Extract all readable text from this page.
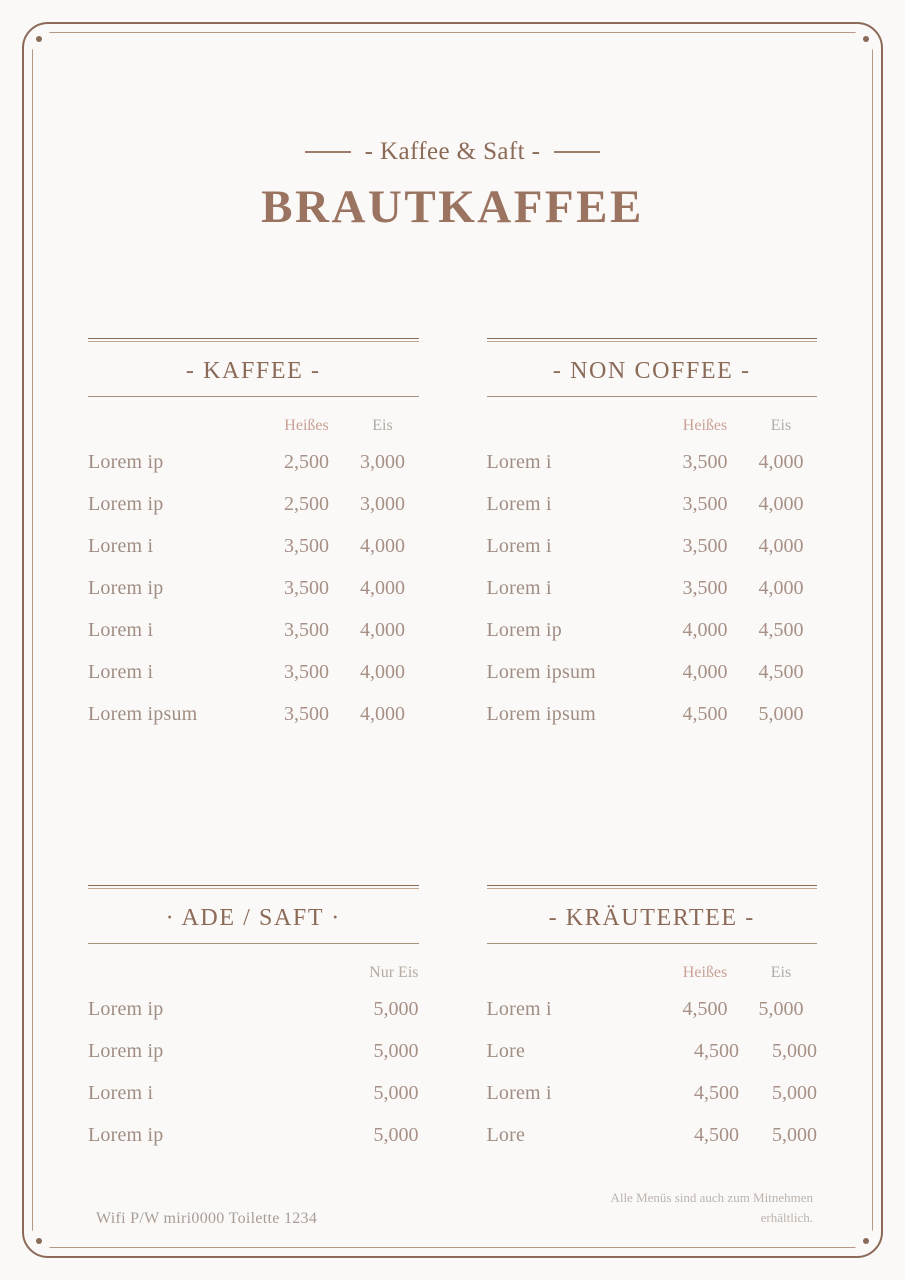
- Kaffee & Saft -
BRAUTKAFFEE
- KAFFEE -
Heißes	Eis
Lorem ip	2,500	3,000
Lorem ip	2,500	3,000
Lorem i	3,500	4,000
Lorem ip	3,500	4,000
Lorem i	3,500	4,000
Lorem i	3,500	4,000
Lorem ipsum	3,500	4,000
- NON COFFEE -
Heißes	Eis
Lorem i	3,500	4,000
Lorem i	3,500	4,000
Lorem i	3,500	4,000
Lorem i	3,500	4,000
Lorem ip	4,000	4,500
Lorem ipsum	4,000	4,500
Lorem ipsum	4,500	5,000
· ADE / SAFT ·
Nur Eis
Lorem ip	5,000
Lorem ip	5,000
Lorem i	5,000
Lorem ip	5,000
- KRÄUTERTEE -
Heißes	Eis
Lorem i	4,500	5,000
Lore	4,500	5,000
Lorem i	4,500	5,000
Lore	4,500	5,000
Wifi P/W miri0000 Toilette 1234
Alle Menüs sind auch zum Mitnehmen erhältlich.
